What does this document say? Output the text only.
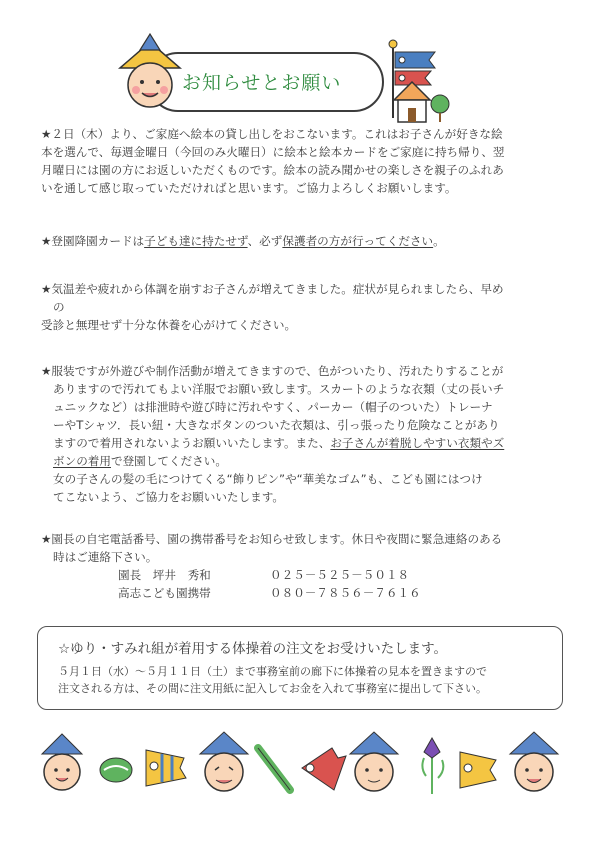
お知らせとお願い
★２日（木）より、ご家庭へ絵本の貸し出しをおこないます。これはお子さんが好きな絵
本を選んで、毎週金曜日（今回のみ火曜日）に絵本と絵本カードをご家庭に持ち帰り、翌
月曜日には園の方にお返しいただくものです。絵本の読み聞かせの楽しさを親子のふれあ
いを通して感じ取っていただければと思います。ご協力よろしくお願いします。
★登園降園カードは子ども達に持たせず、必ず保護者の方が行ってください。
★気温差や疲れから体調を崩すお子さんが増えてきました。症状が見られましたら、早め
の
受診と無理せず十分な休養を心がけてください。
★服装ですが外遊びや制作活動が増えてきますので、色がついたり、汚れたりすることが
ありますので汚れてもよい洋服でお願い致します。スカートのような衣類（丈の長いチ
ュニックなど）は排泄時や遊び時に汚れやすく、パーカー（帽子のついた）トレーナ
ーやTシャツ．長い紐・大きなボタンのついた衣類は、引っ張ったり危険なことがあり
ますので着用されないようお願いいたします。また、お子さんが着脱しやすい衣類やズ
ボンの着用で登園してください。
女の子さんの髪の毛につけてくる“飾りピン”や“華美なゴム”も、こども園にはつけ
てこないよう、ご協力をお願いいたします。
★園長の自宅電話番号、園の携帯番号をお知らせ致します。休日や夜間に緊急連絡のある
時はご連絡下さい。
園長　坪井　秀和	０２５－５２５－５０１８
高志こども園携帯	０８０－７８５６－７６１６
☆ゆり・すみれ組が着用する体操着の注文をお受けいたします。
５月１日（水）～５月１１日（土）まで事務室前の廊下に体操着の見本を置きますので
注文される方は、その間に注文用紙に記入してお金を入れて事務室に提出して下さい。
